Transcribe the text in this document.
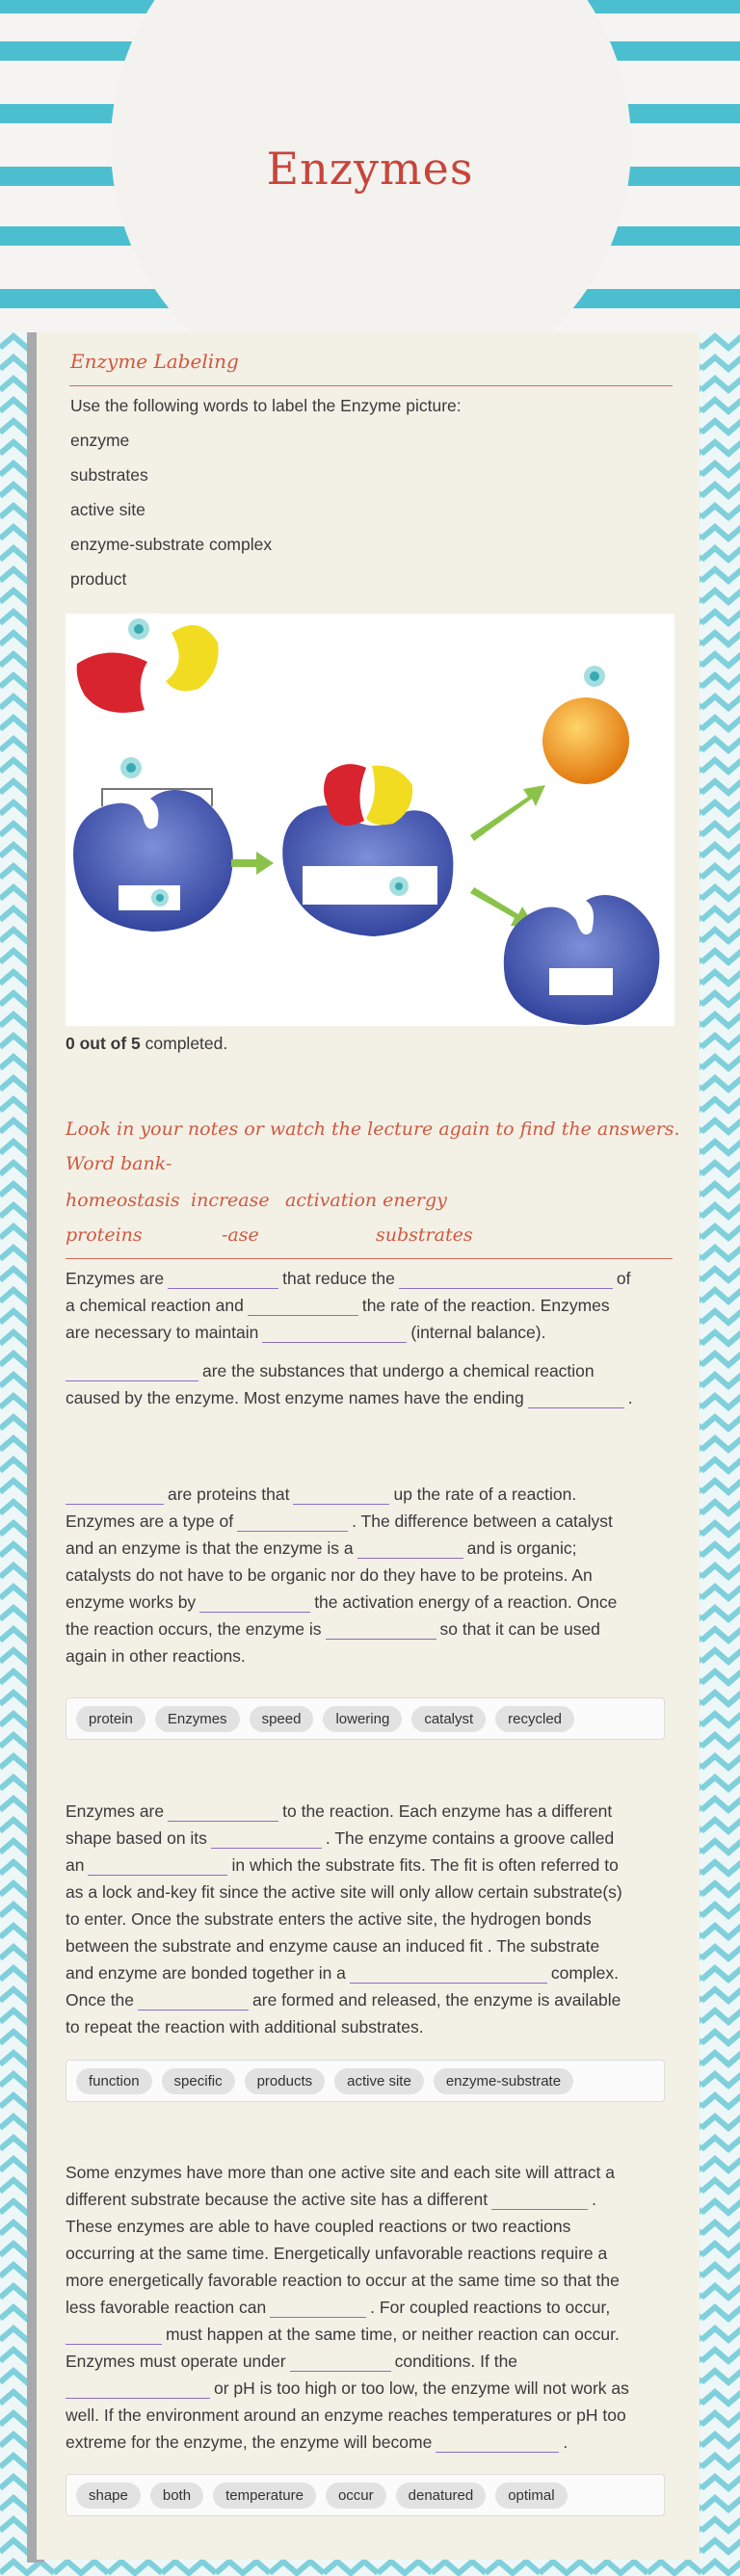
Enzymes
Enzyme Labeling
Use the following words to label the Enzyme picture:
enzyme
substrates
active site
enzyme-substrate complex
product
0 out of 5 completed.
Look in your notes or watch the lecture again to find the answers.
Word bank-
homeostasis increase activation energy
proteins	-ase	substrates
Enzymes are	that reduce the	of
a chemical reaction and	the rate of the reaction. Enzymes
are necessary to maintain	(internal balance).
are the substances that undergo a chemical reaction
caused by the enzyme. Most enzyme names have the ending	.
are proteins that	up the rate of a reaction.
Enzymes are a type of	. The difference between a catalyst
and an enzyme is that the enzyme is a	and is organic;
catalysts do not have to be organic nor do they have to be proteins. An
enzyme works by	the activation energy of a reaction. Once
the reaction occurs, the enzyme is	so that it can be used
again in other reactions.
protein Enzymes speed lowering catalyst recycled
Enzymes are	to the reaction. Each enzyme has a different
shape based on its	. The enzyme contains a groove called
an	in which the substrate fits. The fit is often referred to
as a lock and-key fit since the active site will only allow certain substrate(s)
to enter. Once the substrate enters the active site, the hydrogen bonds
between the substrate and enzyme cause an induced fit . The substrate
and enzyme are bonded together in a	complex.
Once the	are formed and released, the enzyme is available
to repeat the reaction with additional substrates.
function specific products active site enzyme-substrate
Some enzymes have more than one active site and each site will attract a
different substrate because the active site has a different	.
These enzymes are able to have coupled reactions or two reactions
occurring at the same time. Energetically unfavorable reactions require a
more energetically favorable reaction to occur at the same time so that the
less favorable reaction can	. For coupled reactions to occur,
must happen at the same time, or neither reaction can occur.
Enzymes must operate under	conditions. If the
or pH is too high or too low, the enzyme will not work as
well. If the environment around an enzyme reaches temperatures or pH too
extreme for the enzyme, the enzyme will become	.
shape both temperature occur denatured optimal
